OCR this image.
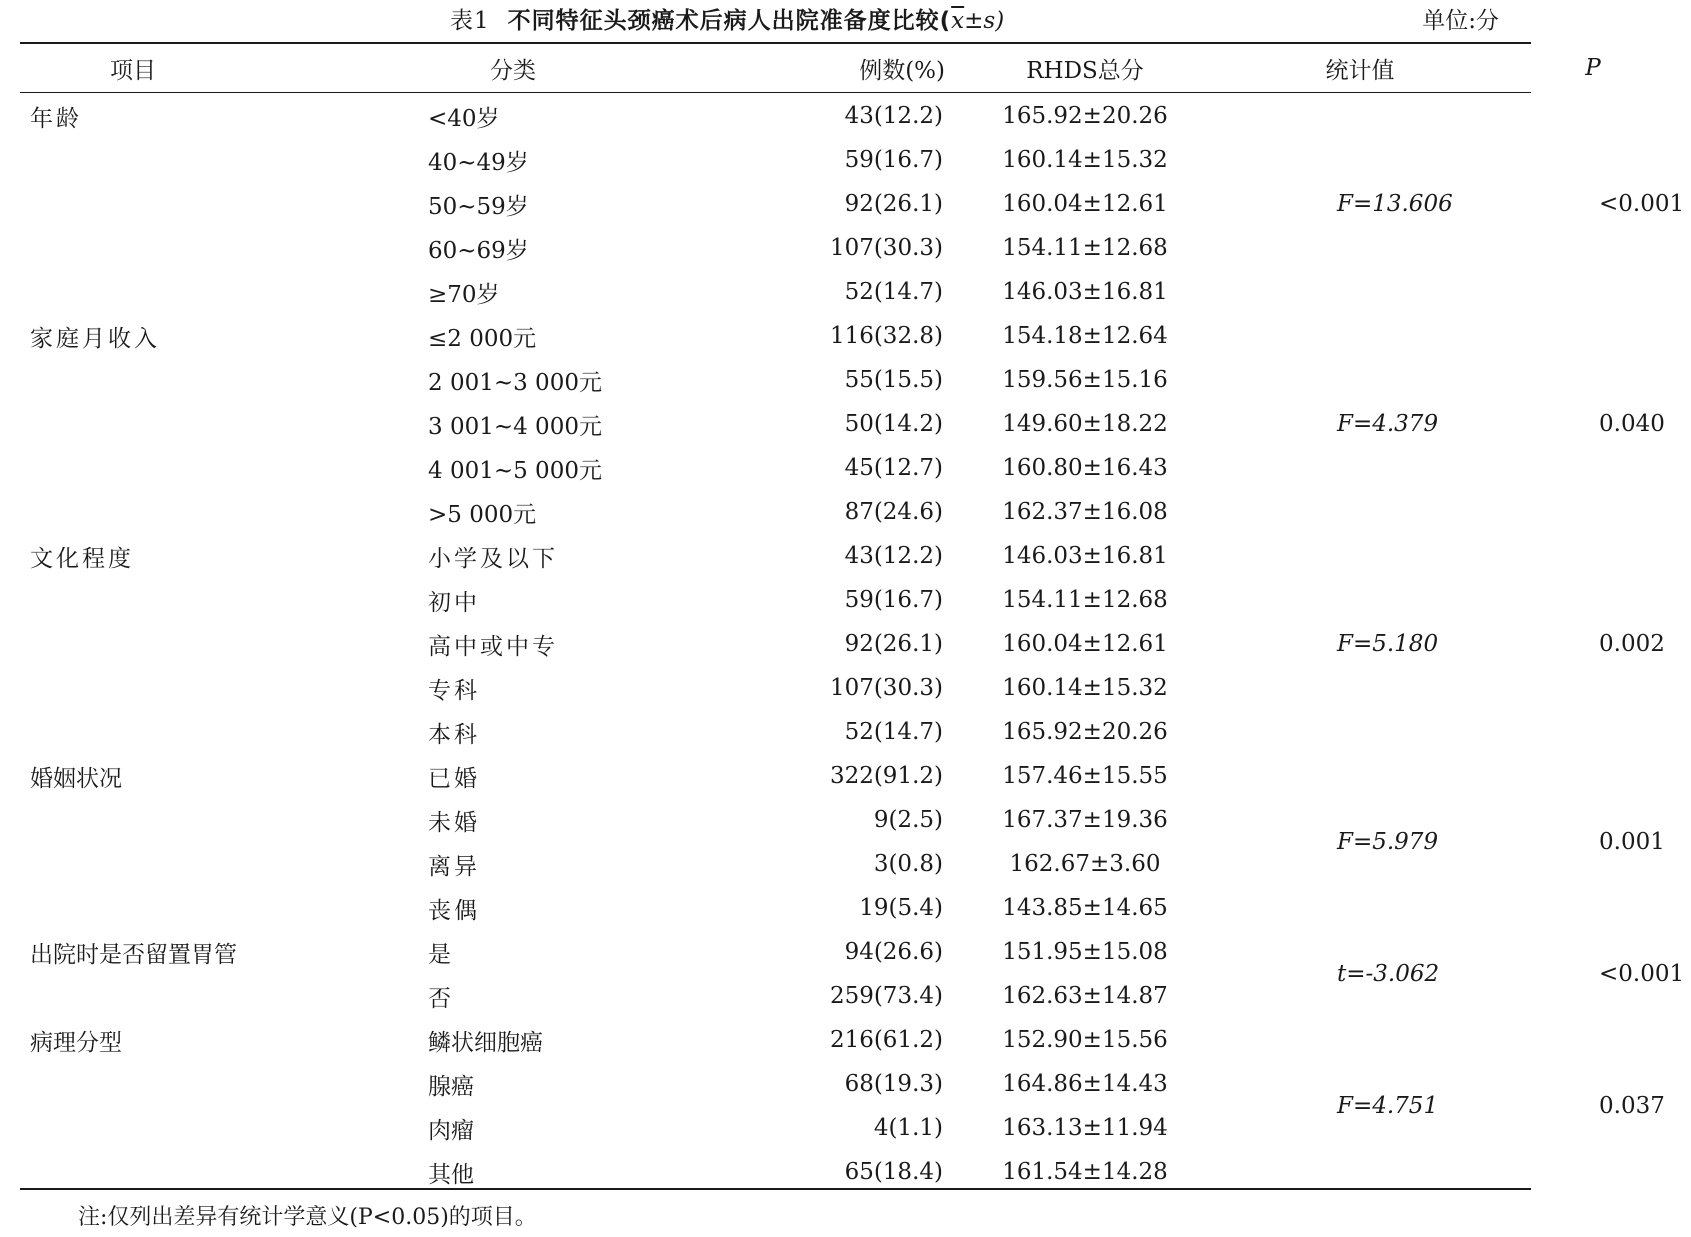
表1 不同特征头颈癌术后病人出院准备度比较$(\overline{x}\pm s)$	单位:分
项目	分类	例数(%)	RHDS总分	统计值	P
年龄	<40岁	43(12.2)	165.92±20.26	F=13.606	<0.001
	40~49岁	59(16.7)	160.14±15.32		
	50~59岁	92(26.1)	160.04±12.61		
	60~69岁	107(30.3)	154.11±12.68		
	≥70岁	52(14.7)	146.03±16.81		
家庭月收入	≤2 000元	116(32.8)	154.18±12.64	F=4.379	0.040
	2 001~3 000元	55(15.5)	159.56±15.16		
	3 001~4 000元	50(14.2)	149.60±18.22		
	4 001~5 000元	45(12.7)	160.80±16.43		
	>5 000元	87(24.6)	162.37±16.08		
文化程度	小学及以下	43(12.2)	146.03±16.81	F=5.180	0.002
	初中	59(16.7)	154.11±12.68		
	高中或中专	92(26.1)	160.04±12.61		
	专科	107(30.3)	160.14±15.32		
	本科	52(14.7)	165.92±20.26		
婚姻状况	已婚	322(91.2)	157.46±15.55	F=5.979	0.001
	未婚	9(2.5)	167.37±19.36		
	离异	3(0.8)	162.67±3.60		
	丧偶	19(5.4)	143.85±14.65		
出院时是否留置胃管	是	94(26.6)	151.95±15.08	t=-3.062	<0.001
	否	259(73.4)	162.63±14.87		
病理分型	鳞状细胞癌	216(61.2)	152.90±15.56	F=4.751	0.037
	腺癌	68(19.3)	164.86±14.43		
	肉瘤	4(1.1)	163.13±11.94		
	其他	65(18.4)	161.54±14.28		
注:仅列出差异有统计学意义(P<0.05)的项目。
